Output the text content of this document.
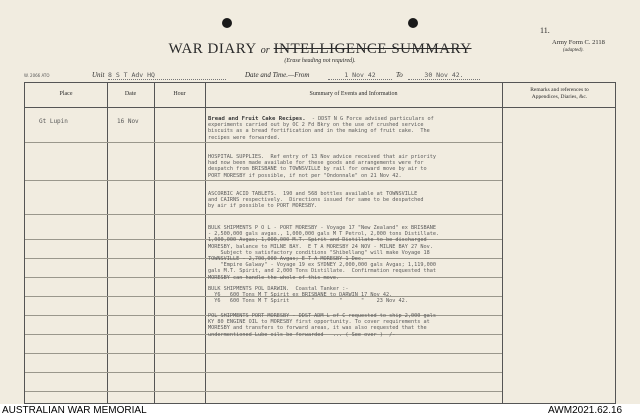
11.
Army Form C. 2118
(adapted).
WAR DIARY or INTELLIGENCE SUMMARY
(Erase heading not required).
W. 2066 ATO	Unit 8 S T Adv HQ	Date and Time.—From	1 Nov 42	To	30 Nov 42.
Place	Date	Hour	Summary of Events and Information
Remarks and references to
Appendices, Diaries, &c.
Gt Lupin	16 Nov	Bread and Fruit Cake Recipes.  - DDST N G Force advised particulars of
experiments carried out by OC 2 Fd Bkry on the use of crushed service
biscuits as a bread fortification and in the making of fruit cake.  The
recipes were forwarded.
HOSPITAL SUPPLIES.  Ref entry of 13 Nov advice received that air priority
had now been made available for these goods and arrangements were for
despatch from BRISBANE to TOWNSVILLE by rail for onward move by air to
PORT MORESBY if possible, if not per "Ondonnale" on 21 Nov 42.
ASCORBIC ACID TABLETS.  190 and 568 bottles available at TOWNSVILLE
and CAIRNS respectively.  Directions issued for same to be despatched
by air if possible to PORT MORESBY.
BULK SHIPMENTS P O L - PORT MORESBY - Voyage 17 "New Zealand" ex BRISBANE
- 2,500,000 gals avgas., 1,000,000 gals M T Petrol, 2,000 tons Distillate.
1,000,000 Avgas; 1,000,000 M.T. Spirit and Distillate to be discharged
MORESBY, balance to MILNE BAY.  E T A MORESBY 24 NOV - MILNE BAY 27 Nov.
Subject to satisfactory conditions "Shibellang" will make Voyage 18
TOWNSVILLE - 2,700,000 Avgas; E T A MORESBY 1 Dec.
"Empire Galway" - Voyage 19 ex SYDNEY 2,000,000 gals Avgas; 1,119,000
gals M.T. Spirit, and 2,000 Tons Distillate.  Confirmation requested that
MORESBY can handle the whole of this move.
BULK SHIPMENTS POL DARWIN.  Coastal Tanker :-
Y6   600 Tons M T Spirit ex BRISBANE to DARWIN 17 Nov 42.
Y6   600 Tons M T Spirit       "        "      "    23 Nov 42.
POL SHIPMENTS PORT MORESBY - DDST ADM L of C requested to ship 2,000 gals
KY 80 ENGINE OIL to MORESBY first opportunity. To cover requirements at
MORESBY and transfers to forward areas, it was also requested that the
undermentioned Lube oils be forwarded   ... ( See over )  /-
AUSTRALIAN WAR MEMORIAL	AWM2021.62.16
